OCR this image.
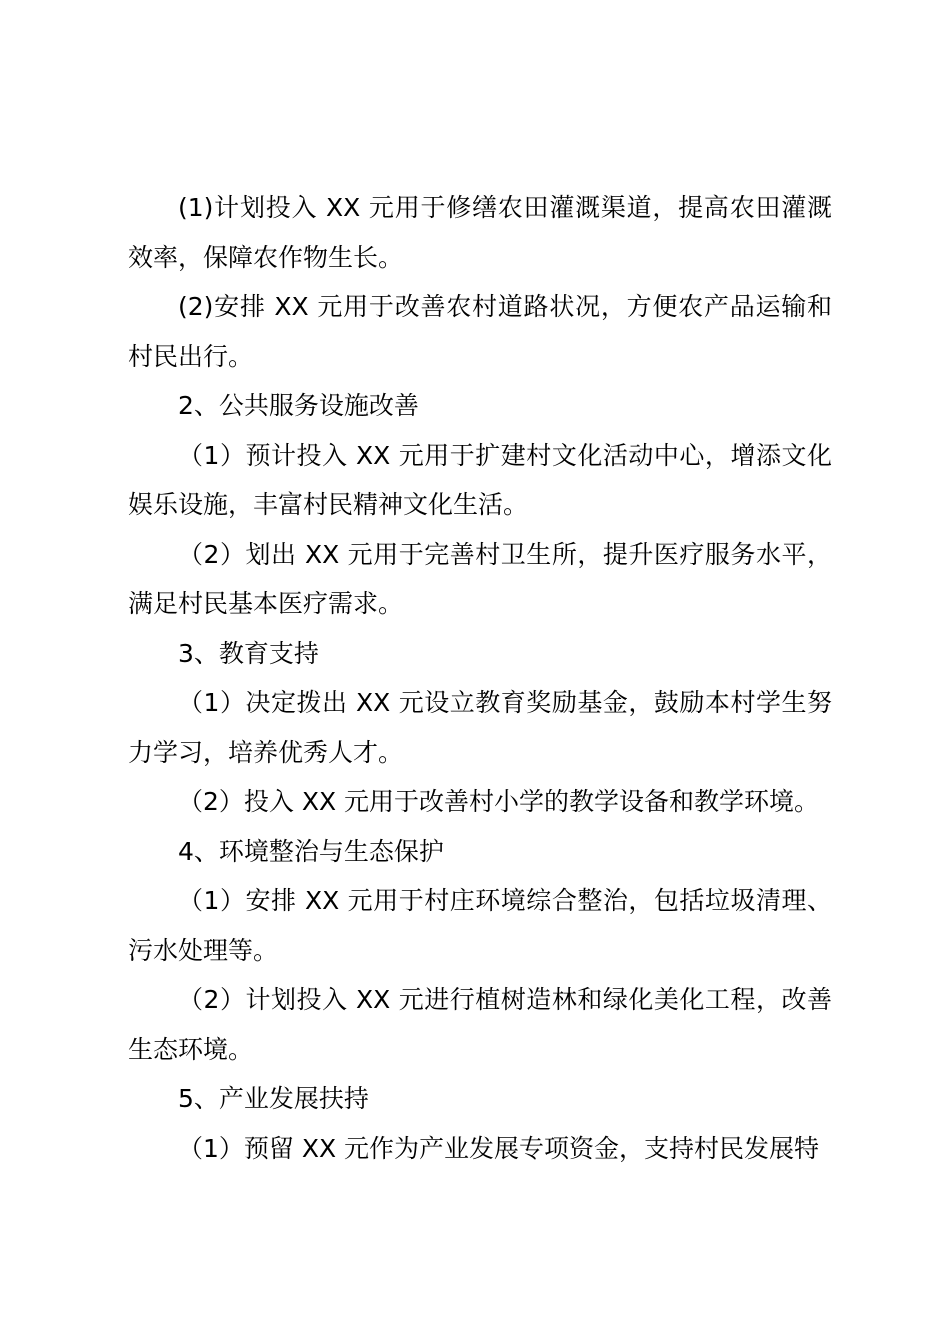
(1)计划投入 XX 元用于修缮农田灌溉渠道，提高农田灌溉效率，保障农作物生长。

(2)安排 XX 元用于改善农村道路状况，方便农产品运输和村民出行。

2、公共服务设施改善

（1）预计投入 XX 元用于扩建村文化活动中心，增添文化娱乐设施，丰富村民精神文化生活。

（2）划出 XX 元用于完善村卫生所，提升医疗服务水平，满足村民基本医疗需求。

3、教育支持

（1）决定拨出 XX 元设立教育奖励基金，鼓励本村学生努力学习，培养优秀人才。

（2）投入 XX 元用于改善村小学的教学设备和教学环境。

4、环境整治与生态保护

（1）安排 XX 元用于村庄环境综合整治，包括垃圾清理、污水处理等。

（2）计划投入 XX 元进行植树造林和绿化美化工程，改善生态环境。

5、产业发展扶持

（1）预留 XX 元作为产业发展专项资金，支持村民发展特
